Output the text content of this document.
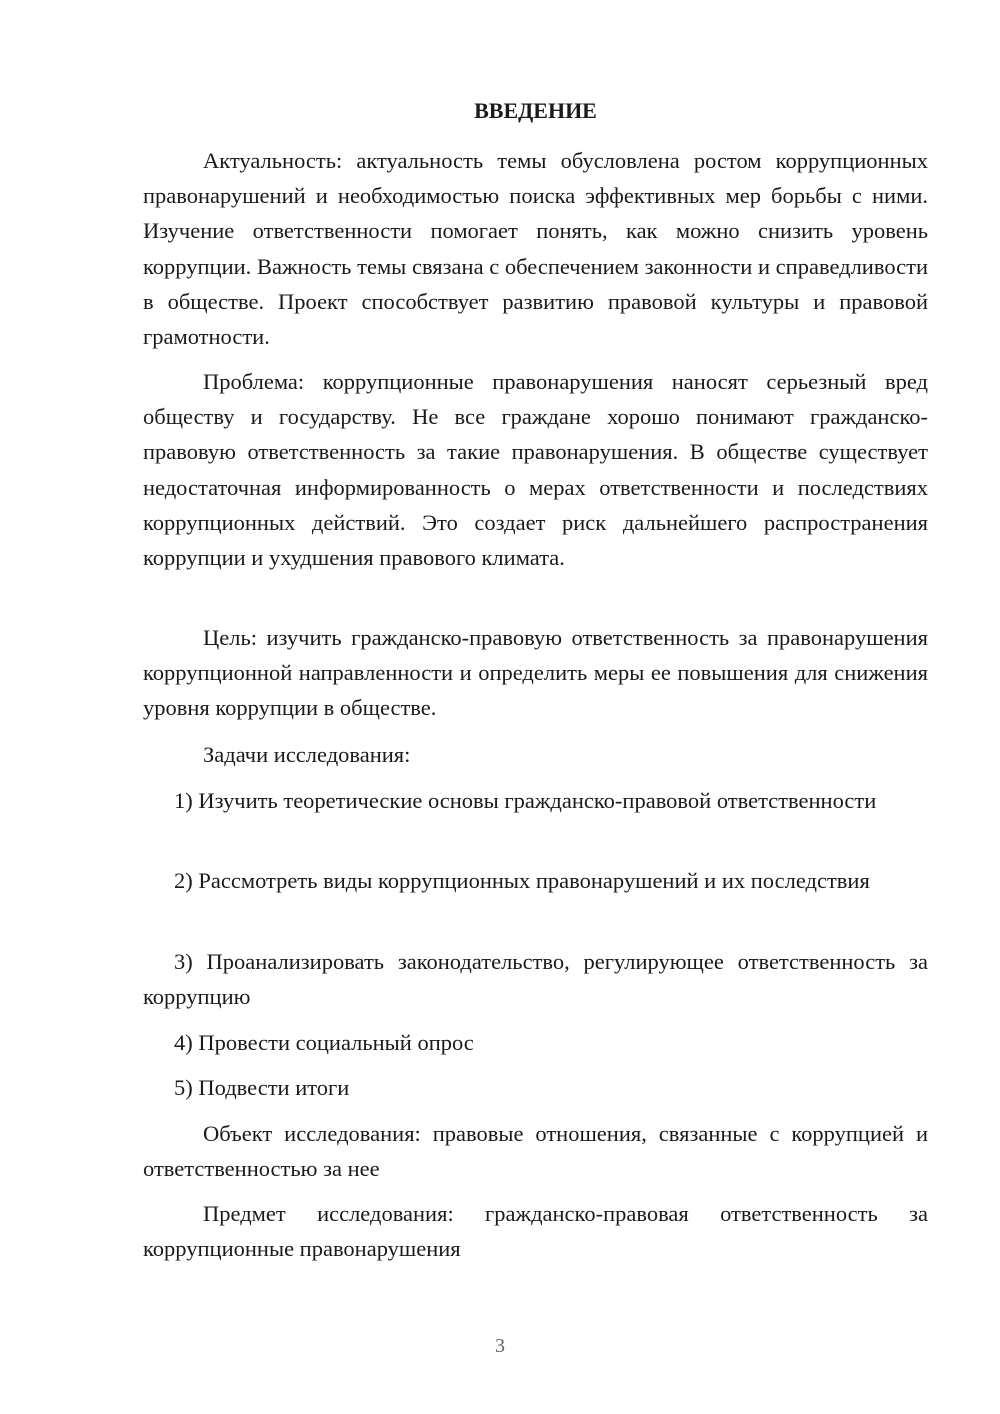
ВВЕДЕНИЕ

Актуальность: актуальность темы обусловлена ростом коррупционных правонарушений и необходимостью поиска эффективных мер борьбы с ними. Изучение ответственности помогает понять, как можно снизить уровень коррупции. Важность темы связана с обеспечением законности и справедливости в обществе. Проект способствует развитию правовой культуры и правовой грамотности.

Проблема: коррупционные правонарушения наносят серьезный вред обществу и государству. Не все граждане хорошо понимают гражданско-правовую ответственность за такие правонарушения. В обществе существует недостаточная информированность о мерах ответственности и последствиях коррупционных действий. Это создает риск дальнейшего распространения коррупции и ухудшения правового климата.

Цель: изучить гражданско-правовую ответственность за правонарушения коррупционной направленности и определить меры ее повышения для снижения уровня коррупции в обществе.

Задачи исследования:

1) Изучить теоретические основы гражданско-правовой ответственности

2) Рассмотреть виды коррупционных правонарушений и их последствия

3) Проанализировать законодательство, регулирующее ответственность за коррупцию

4) Провести социальный опрос

5) Подвести итоги

Объект исследования: правовые отношения, связанные с коррупцией и ответственностью за нее

Предмет исследования: гражданско-правовая ответственность за коррупционные правонарушения

3
